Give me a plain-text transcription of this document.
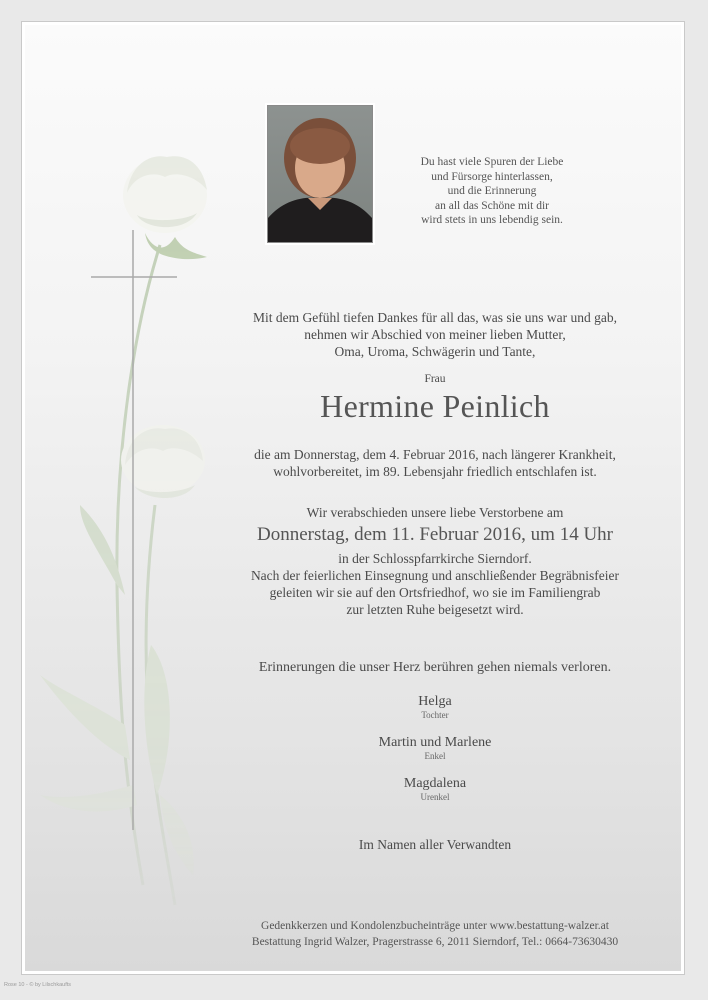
Du hast viele Spuren der Liebe
und Fürsorge hinterlassen,
und die Erinnerung
an all das Schöne mit dir
wird stets in uns lebendig sein.
Mit dem Gefühl tiefen Dankes für all das, was sie uns war und gab,
nehmen wir Abschied von meiner lieben Mutter,
Oma, Uroma, Schwägerin und Tante,
Frau
Hermine Peinlich
die am Donnerstag, dem 4. Februar 2016, nach längerer Krankheit,
wohlvorbereitet, im 89. Lebensjahr friedlich entschlafen ist.
Wir verabschieden unsere liebe Verstorbene am
Donnerstag, dem 11. Februar 2016, um 14 Uhr
in der Schlosspfarrkirche Sierndorf.
Nach der feierlichen Einsegnung und anschließender Begräbnisfeier
geleiten wir sie auf den Ortsfriedhof, wo sie im Familiengrab
zur letzten Ruhe beigesetzt wird.
Erinnerungen die unser Herz berühren gehen niemals verloren.
Helga
Tochter
Martin und Marlene
Enkel
Magdalena
Urenkel
Im Namen aller Verwandten
Gedenkkerzen und Kondolenzbucheinträge unter www.bestattung-walzer.at
Bestattung Ingrid Walzer, Pragerstrasse 6, 2011 Sierndorf, Tel.: 0664-73630430
Rose 10 - © by Lilschkaufts
